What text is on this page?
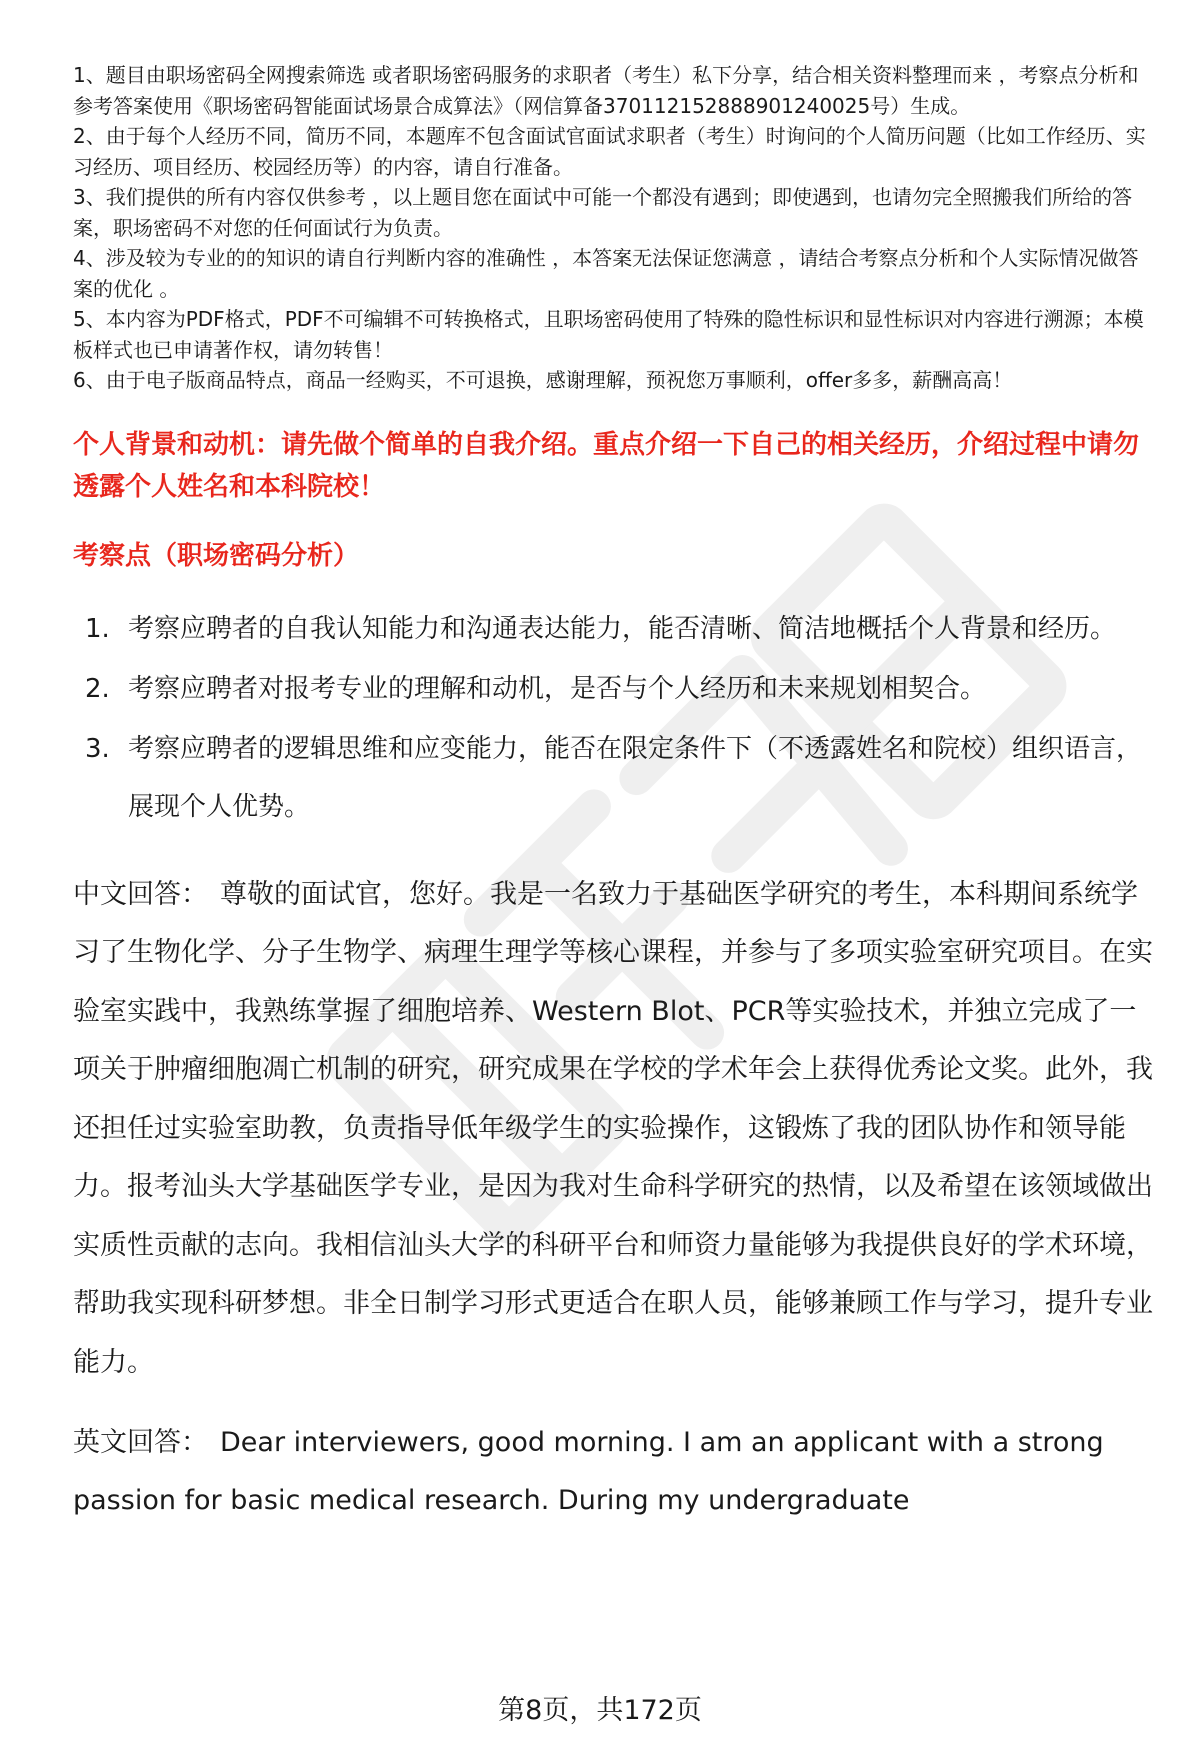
1、题目由职场密码全网搜索筛选 或者职场密码服务的求职者（考生）私下分享，结合相关资料整理而来 ，考察点分析和参考答案使用《职场密码智能面试场景合成算法》（网信算备370112152888901240025号）生成。
2、由于每个人经历不同，简历不同，本题库不包含面试官面试求职者（考生）时询问的个人简历问题（比如工作经历、实习经历、项目经历、校园经历等）的内容，请自行准备。
3、我们提供的所有内容仅供参考 ，以上题目您在面试中可能一个都没有遇到；即使遇到，也请勿完全照搬我们所给的答案，职场密码不对您的任何面试行为负责。
4、涉及较为专业的的知识的请自行判断内容的准确性 ，本答案无法保证您满意 ，请结合考察点分析和个人实际情况做答案的优化 。
5、本内容为PDF格式，PDF不可编辑不可转换格式，且职场密码使用了特殊的隐性标识和显性标识对内容进行溯源；本模板样式也已申请著作权，请勿转售！
6、由于电子版商品特点，商品一经购买，不可退换，感谢理解，预祝您万事顺利，offer多多，薪酬高高！
个人背景和动机：请先做个简单的自我介绍。重点介绍一下自己的相关经历，介绍过程中请勿透露个人姓名和本科院校！
考察点（职场密码分析）
1. 考察应聘者的自我认知能力和沟通表达能力，能否清晰、简洁地概括个人背景和经历。
2. 考察应聘者对报考专业的理解和动机，是否与个人经历和未来规划相契合。
3. 考察应聘者的逻辑思维和应变能力，能否在限定条件下（不透露姓名和院校）组织语言，展现个人优势。
中文回答： 尊敬的面试官，您好。我是一名致力于基础医学研究的考生，本科期间系统学习了生物化学、分子生物学、病理生理学等核心课程，并参与了多项实验室研究项目。在实验室实践中，我熟练掌握了细胞培养、Western Blot、PCR等实验技术，并独立完成了一项关于肿瘤细胞凋亡机制的研究，研究成果在学校的学术年会上获得优秀论文奖。此外，我还担任过实验室助教，负责指导低年级学生的实验操作，这锻炼了我的团队协作和领导能力。报考汕头大学基础医学专业，是因为我对生命科学研究的热情，以及希望在该领域做出实质性贡献的志向。我相信汕头大学的科研平台和师资力量能够为我提供良好的学术环境，帮助我实现科研梦想。非全日制学习形式更适合在职人员，能够兼顾工作与学习，提升专业能力。
英文回答： Dear interviewers, good morning. I am an applicant with a strong passion for basic medical research. During my undergraduate
第8页，共172页
